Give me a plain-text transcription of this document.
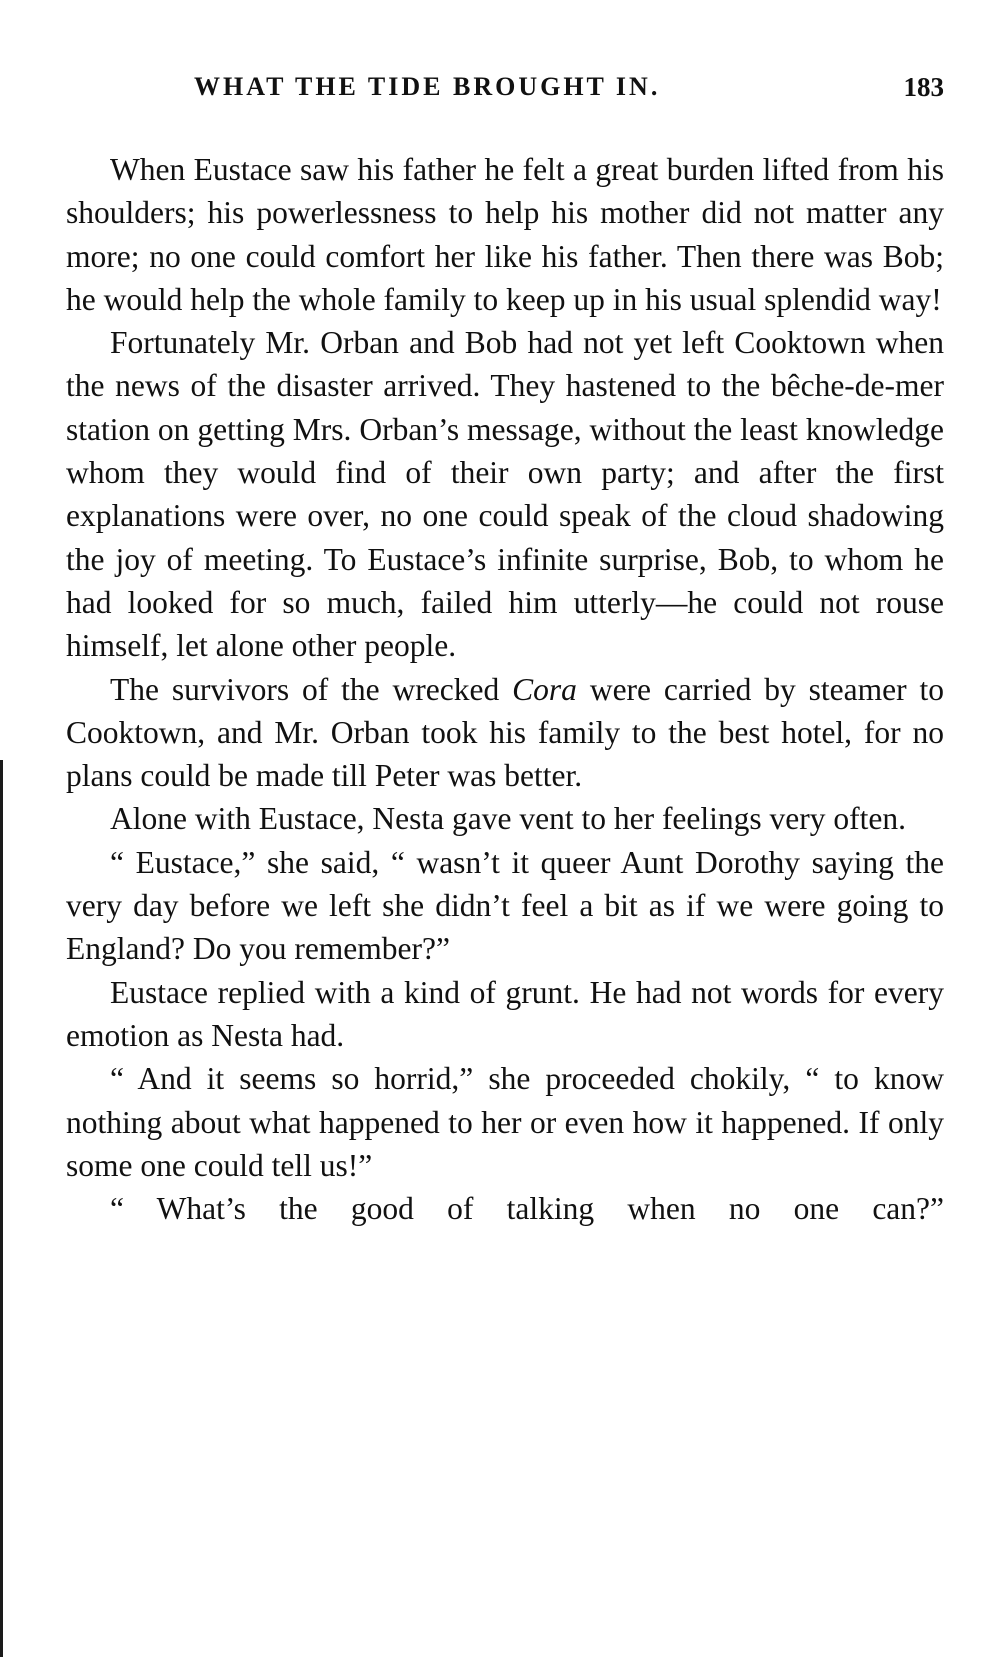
WHAT THE TIDE BROUGHT IN.	183

When Eustace saw his father he felt a great burden lifted from his shoulders; his powerlessness to help his mother did not matter any more; no one could comfort her like his father. Then there was Bob; he would help the whole family to keep up in his usual splendid way!

Fortunately Mr. Orban and Bob had not yet left Cooktown when the news of the disaster arrived. They hastened to the bêche-de-mer station on getting Mrs. Orban’s message, without the least knowledge whom they would find of their own party; and after the first explanations were over, no one could speak of the cloud shadowing the joy of meeting. To Eustace’s infinite surprise, Bob, to whom he had looked for so much, failed him utterly—he could not rouse himself, let alone other people.

The survivors of the wrecked Cora were carried by steamer to Cooktown, and Mr. Orban took his family to the best hotel, for no plans could be made till Peter was better.

Alone with Eustace, Nesta gave vent to her feelings very often.

“ Eustace,” she said, “ wasn’t it queer Aunt Dorothy saying the very day before we left she didn’t feel a bit as if we were going to England? Do you remember?”

Eustace replied with a kind of grunt. He had not words for every emotion as Nesta had.

“ And it seems so horrid,” she proceeded chokily, “ to know nothing about what happened to her or even how it happened. If only some one could tell us!”

“ What’s the good of talking when no one can?”
